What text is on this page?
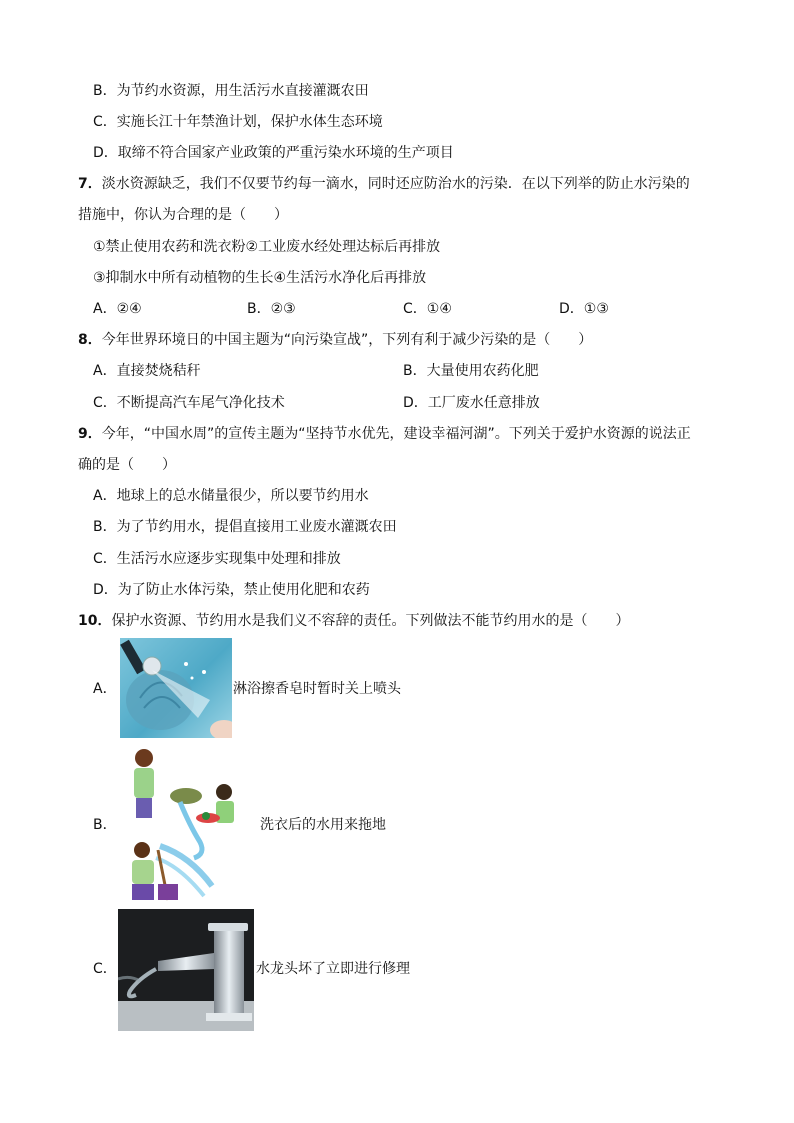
B．为节约水资源，用生活污水直接灌溉农田
C．实施长江十年禁渔计划，保护水体生态环境
D．取缔不符合国家产业政策的严重污染水环境的生产项目
7．淡水资源缺乏，我们不仅要节约每一滴水，同时还应防治水的污染．在以下列举的防止水污染的
措施中，你认为合理的是（　　）
①禁止使用农药和洗衣粉②工业废水经处理达标后再排放
③抑制水中所有动植物的生长④生活污水净化后再排放
A．②④	B．②③	C．①④	D．①③
8．今年世界环境日的中国主题为“向污染宣战”，下列有利于减少污染的是（　　）
A．直接焚烧秸秆	B．大量使用农药化肥
C．不断提高汽车尾气净化技术	D．工厂废水任意排放
9．今年，“中国水周”的宣传主题为“坚持节水优先，建设幸福河湖”。下列关于爱护水资源的说法正
确的是（　　）
A．地球上的总水储量很少，所以要节约用水
B．为了节约用水，提倡直接用工业废水灌溉农田
C．生活污水应逐步实现集中处理和排放
D．为了防止水体污染，禁止使用化肥和农药
10．保护水资源、节约用水是我们义不容辞的责任。下列做法不能节约用水的是（　　）
A．	淋浴擦香皂时暂时关上喷头
B．	洗衣后的水用来拖地
C．	水龙头坏了立即进行修理
